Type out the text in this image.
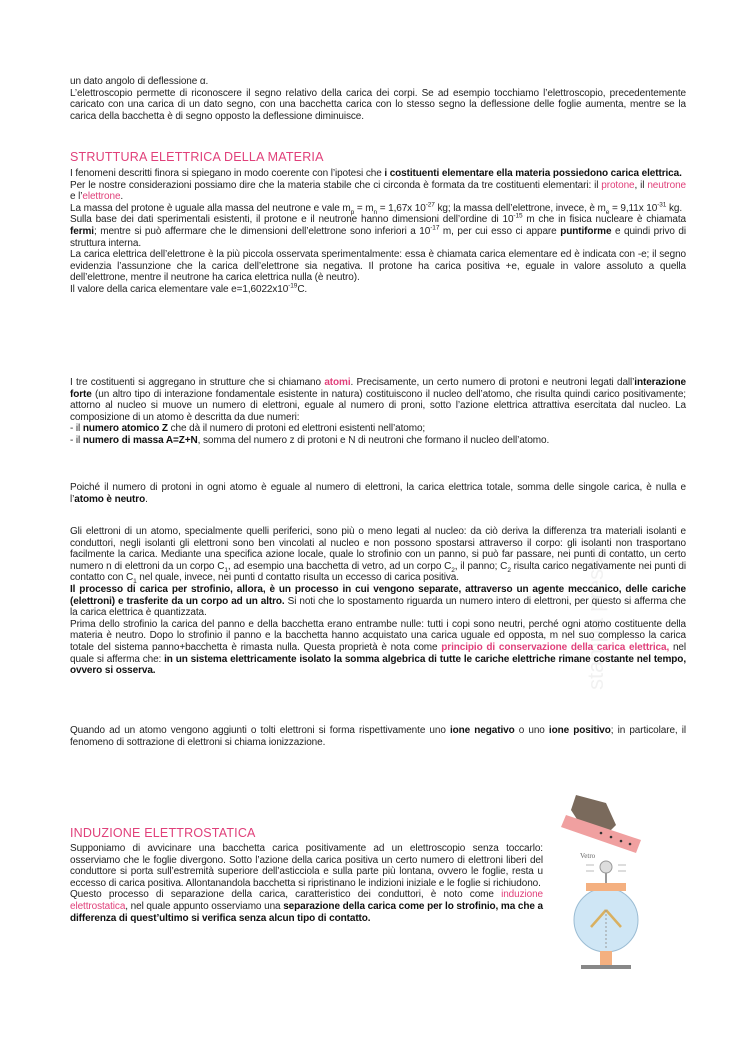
un dato angolo di deflessione α.

L’elettroscopio permette di riconoscere il segno relativo della carica dei corpi. Se ad esempio tocchiamo l’elettroscopio, precedentemente caricato con una carica di un dato segno, con una bacchetta carica con lo stesso segno la deflessione delle foglie aumenta, mentre se la carica della bacchetta è di segno opposto la deflessione diminuisce.

STRUTTURA ELETTRICA DELLA MATERIA

I fenomeni descritti finora si spiegano in modo coerente con l’ipotesi che i costituenti elementare ella materia possiedono carica elettrica.

Per le nostre considerazioni possiamo dire che la materia stabile che ci circonda è formata da tre costituenti elementari: il protone, il neutrone e l’elettrone.

La massa del protone è uguale alla massa del neutrone e vale $m_p = m_n = 1,67x$ $10^{-27}$ kg; la massa dell’elettrone, invece, è $m_e = 9,11x$ $10^{-31}$ kg.

Sulla base dei dati sperimentali esistenti, il protone e il neutrone hanno dimensioni dell’ordine di $10^{-15}$ m che in fisica nucleare è chiamata fermi; mentre si può affermare che le dimensioni dell’elettrone sono inferiori a $10^{-17}$ m, per cui esso ci appare puntiforme e quindi privo di struttura interna.

La carica elettrica dell’elettrone è la più piccola osservata sperimentalmente: essa è chiamata carica elementare ed è indicata con -e; il segno evidenzia l’assunzione che la carica dell’elettrone sia negativa. Il protone ha carica positiva +e, eguale in valore assoluto a quella dell’elettrone, mentre il neutrone ha carica elettrica nulla (è neutro).

Il valore della carica elementare vale $e=1,6022x10^{-19}C$.

I tre costituenti si aggregano in strutture che si chiamano atomi. Precisamente, un certo numero di protoni e neutroni legati dall’interazione forte (un altro tipo di interazione fondamentale esistente in natura) costituiscono il nucleo dell’atomo, che risulta quindi carico positivamente; attorno al nucleo si muove un numero di elettroni, eguale al numero di proni, sotto l’azione elettrica attrattiva esercitata dal nucleo. La composizione di un atomo è descritta da due numeri:

- il numero atomico Z che dà il numero di protoni ed elettroni esistenti nell’atomo;

- il numero di massa A=Z+N, somma del numero z di protoni e N di neutroni che formano il nucleo dell’atomo.

Poiché il numero di protoni in ogni atomo è eguale al numero di elettroni, la carica elettrica totale, somma delle singole carica, è nulla e l’atomo è neutro.

Gli elettroni di un atomo, specialmente quelli periferici, sono più o meno legati al nucleo: da ciò deriva la differenza tra materiali isolanti e conduttori, negli isolanti gli elettroni sono ben vincolati al nucleo e non possono spostarsi attraverso il corpo: gli isolanti non trasportano facilmente la carica. Mediante una specifica azione locale, quale lo strofinio con un panno, si può far passare, nei punti di contatto, un certo numero n di elettroni da un corpo $C_1$, ad esempio una bacchetta di vetro, ad un corpo $C_2$, il panno; $C_2$ risulta carico negativamente nei punti di contatto con $C_1$ nel quale, invece, nei punti d contatto risulta un eccesso di carica positiva.

Il processo di carica per strofinio, allora, è un processo in cui vengono separate, attraverso un agente meccanico, delle cariche (elettroni) e trasferite da un corpo ad un altro. Si noti che lo spostamento riguarda un numero intero di elettroni, per questo si afferma che la carica elettrica è quantizzata.

Prima dello strofinio la carica del panno e della bacchetta erano entrambe nulle: tutti i copi sono neutri, perché ogni atomo costituente della materia è neutro. Dopo lo strofinio il panno e la bacchetta hanno acquistato una carica uguale ed opposta, m nel suo complesso la carica totale del sistema panno+bacchetta è rimasta nulla. Questa proprietà è nota come principio di conservazione della carica elettrica, nel quale si afferma che: in un sistema elettricamente isolato la somma algebrica di tutte le cariche elettriche rimane costante nel tempo, ovvero si osserva.

Quando ad un atomo vengono aggiunti o tolti elettroni si forma rispettivamente uno ione negativo o uno ione positivo; in particolare, il fenomeno di sottrazione di elettroni si chiama ionizzazione.

INDUZIONE ELETTROSTATICA

Supponiamo di avvicinare una bacchetta carica positivamente ad un elettroscopio senza toccarlo: osserviamo che le foglie divergono. Sotto l’azione della carica positiva un certo numero di elettroni liberi del conduttore si porta sull’estremità superiore dell’asticciola e sulla parte più lontana, ovvero le foglie, resta u eccesso di carica positiva. Allontanandola bacchetta si ripristinano le indizioni iniziale e le foglie si richiudono.

Questo processo di separazione della carica, caratteristico dei conduttori, è noto come induzione elettrostatica, nel quale appunto osserviamo una separazione della carica come per lo strofinio, ma che a differenza di quest’ultimo si verifica senza alcun tipo di contatto.

stampa presso
Vetro
